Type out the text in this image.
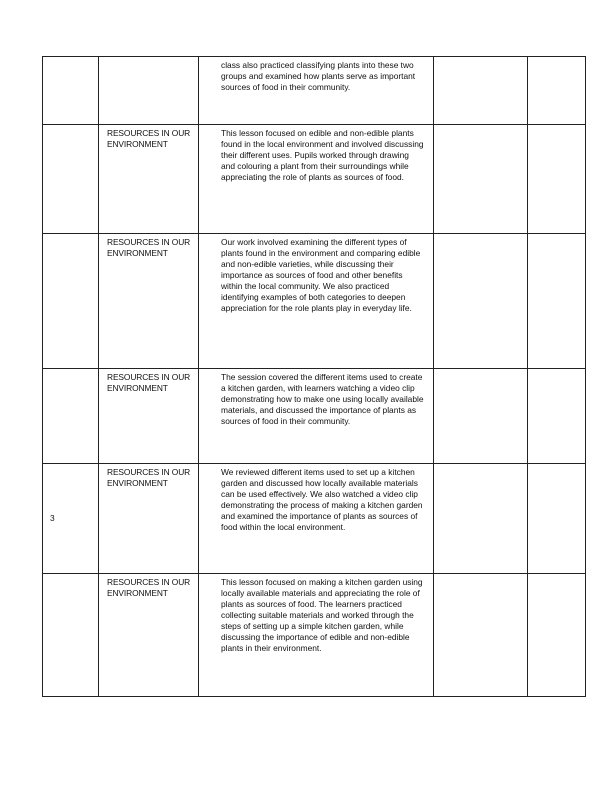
		class also practiced classifying plants into these two groups and examined how plants serve as important sources of food in their community.		

	RESOURCES IN OUR ENVIRONMENT	This lesson focused on edible and non-edible plants found in the local environment and involved discussing their different uses. Pupils worked through drawing and colouring a plant from their surroundings while appreciating the role of plants as sources of food.		

	RESOURCES IN OUR ENVIRONMENT	Our work involved examining the different types of plants found in the environment and comparing edible and non-edible varieties, while discussing their importance as sources of food and other benefits within the local community. We also practiced identifying examples of both categories to deepen appreciation for the role plants play in everyday life.		

	RESOURCES IN OUR ENVIRONMENT	The session covered the different items used to create a kitchen garden, with learners watching a video clip demonstrating how to make one using locally available materials, and discussed the importance of plants as sources of food in their community.		

3	RESOURCES IN OUR ENVIRONMENT	We reviewed different items used to set up a kitchen garden and discussed how locally available materials can be used effectively. We also watched a video clip demonstrating the process of making a kitchen garden and examined the importance of plants as sources of food within the local environment.		

	RESOURCES IN OUR ENVIRONMENT	This lesson focused on making a kitchen garden using locally available materials and appreciating the role of plants as sources of food. The learners practiced collecting suitable materials and worked through the steps of setting up a simple kitchen garden, while discussing the importance of edible and non-edible plants in their environment.		
